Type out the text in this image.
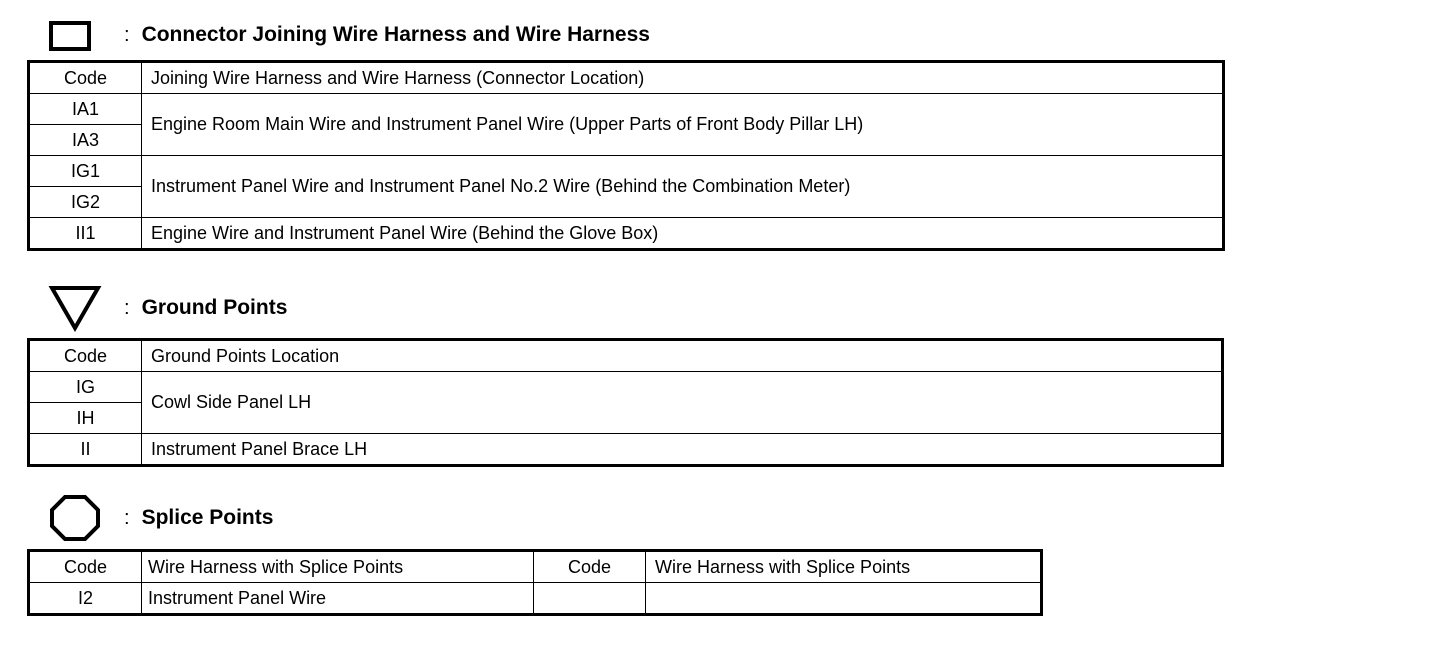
: Connector Joining Wire Harness and Wire Harness
Code	Joining Wire Harness and Wire Harness (Connector Location)
IA1	Engine Room Main Wire and Instrument Panel Wire (Upper Parts of Front Body Pillar LH)
IA3	
IG1	Instrument Panel Wire and Instrument Panel No.2 Wire (Behind the Combination Meter)
IG2	
II1	Engine Wire and Instrument Panel Wire (Behind the Glove Box)
: Ground Points
Code	Ground Points Location
IG	Cowl Side Panel LH
IH	
II	Instrument Panel Brace LH
: Splice Points
Code	Wire Harness with Splice Points	Code	Wire Harness with Splice Points
I2	Instrument Panel Wire		
